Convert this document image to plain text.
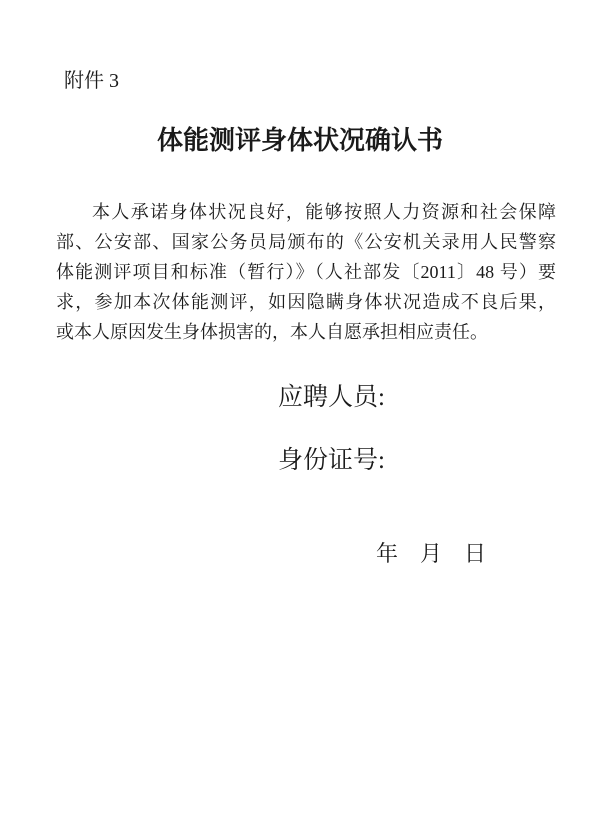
附件 3
体能测评身体状况确认书
本人承诺身体状况良好，能够按照人力资源和社会保障
部、公安部、国家公务员局颁布的《公安机关录用人民警察
体能测评项目和标准（暂行）》（人社部发〔2011〕48 号）要
求，参加本次体能测评，如因隐瞒身体状况造成不良后果，
或本人原因发生身体损害的，本人自愿承担相应责任。
应聘人员:
身份证号:
年 月 日
